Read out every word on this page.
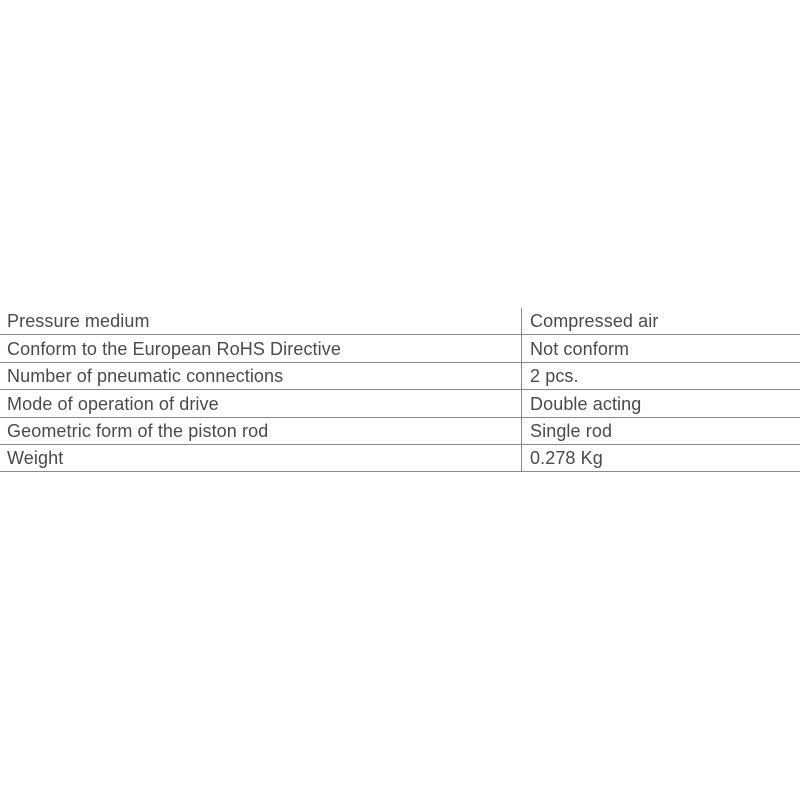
Pressure medium	Compressed air
Conform to the European RoHS Directive	Not conform
Number of pneumatic connections	2 pcs.
Mode of operation of drive	Double acting
Geometric form of the piston rod	Single rod
Weight	0.278 Kg
